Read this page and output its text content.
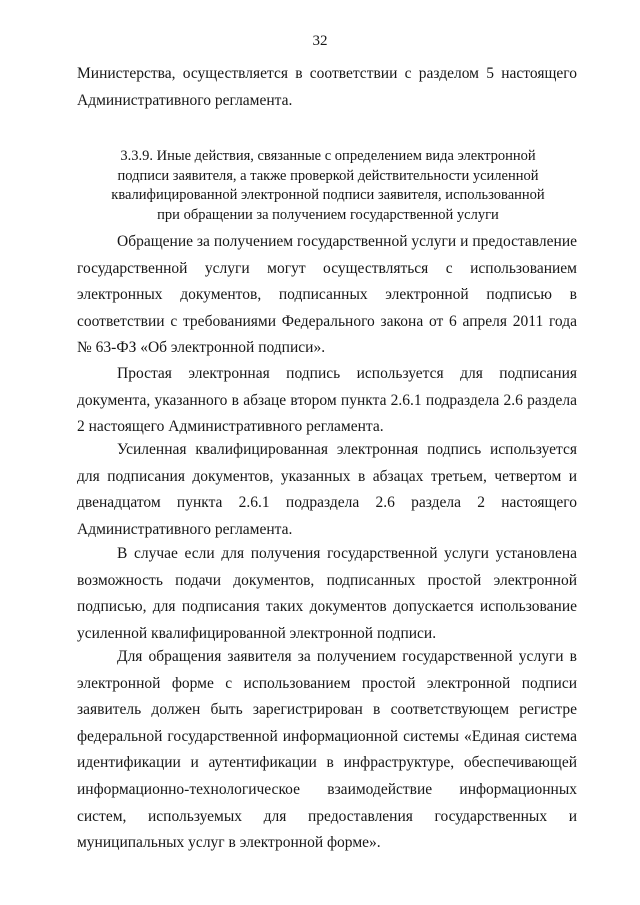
32

Министерства, осуществляется в соответствии с разделом 5 настоящего Административного регламента.

3.3.9. Иные действия, связанные с определением вида электронной подписи заявителя, а также проверкой действительности усиленной квалифицированной электронной подписи заявителя, использованной при обращении за получением государственной услуги

Обращение за получением государственной услуги и предоставление государственной услуги могут осуществляться с использованием электронных документов, подписанных электронной подписью в соответствии с требованиями Федерального закона от 6 апреля 2011 года № 63-ФЗ «Об электронной подписи».

Простая электронная подпись используется для подписания документа, указанного в абзаце втором пункта 2.6.1 подраздела 2.6 раздела 2 настоящего Административного регламента.

Усиленная квалифицированная электронная подпись используется для подписания документов, указанных в абзацах третьем, четвертом и двенадцатом пункта 2.6.1 подраздела 2.6 раздела 2 настоящего Административного регламента.

В случае если для получения государственной услуги установлена возможность подачи документов, подписанных простой электронной подписью, для подписания таких документов допускается использование усиленной квалифицированной электронной подписи.

Для обращения заявителя за получением государственной услуги в электронной форме с использованием простой электронной подписи заявитель должен быть зарегистрирован в соответствующем регистре федеральной государственной информационной системы «Единая система идентификации и аутентификации в инфраструктуре, обеспечивающей информационно-технологическое взаимодействие информационных систем, используемых для предоставления государственных и муниципальных услуг в электронной форме».
